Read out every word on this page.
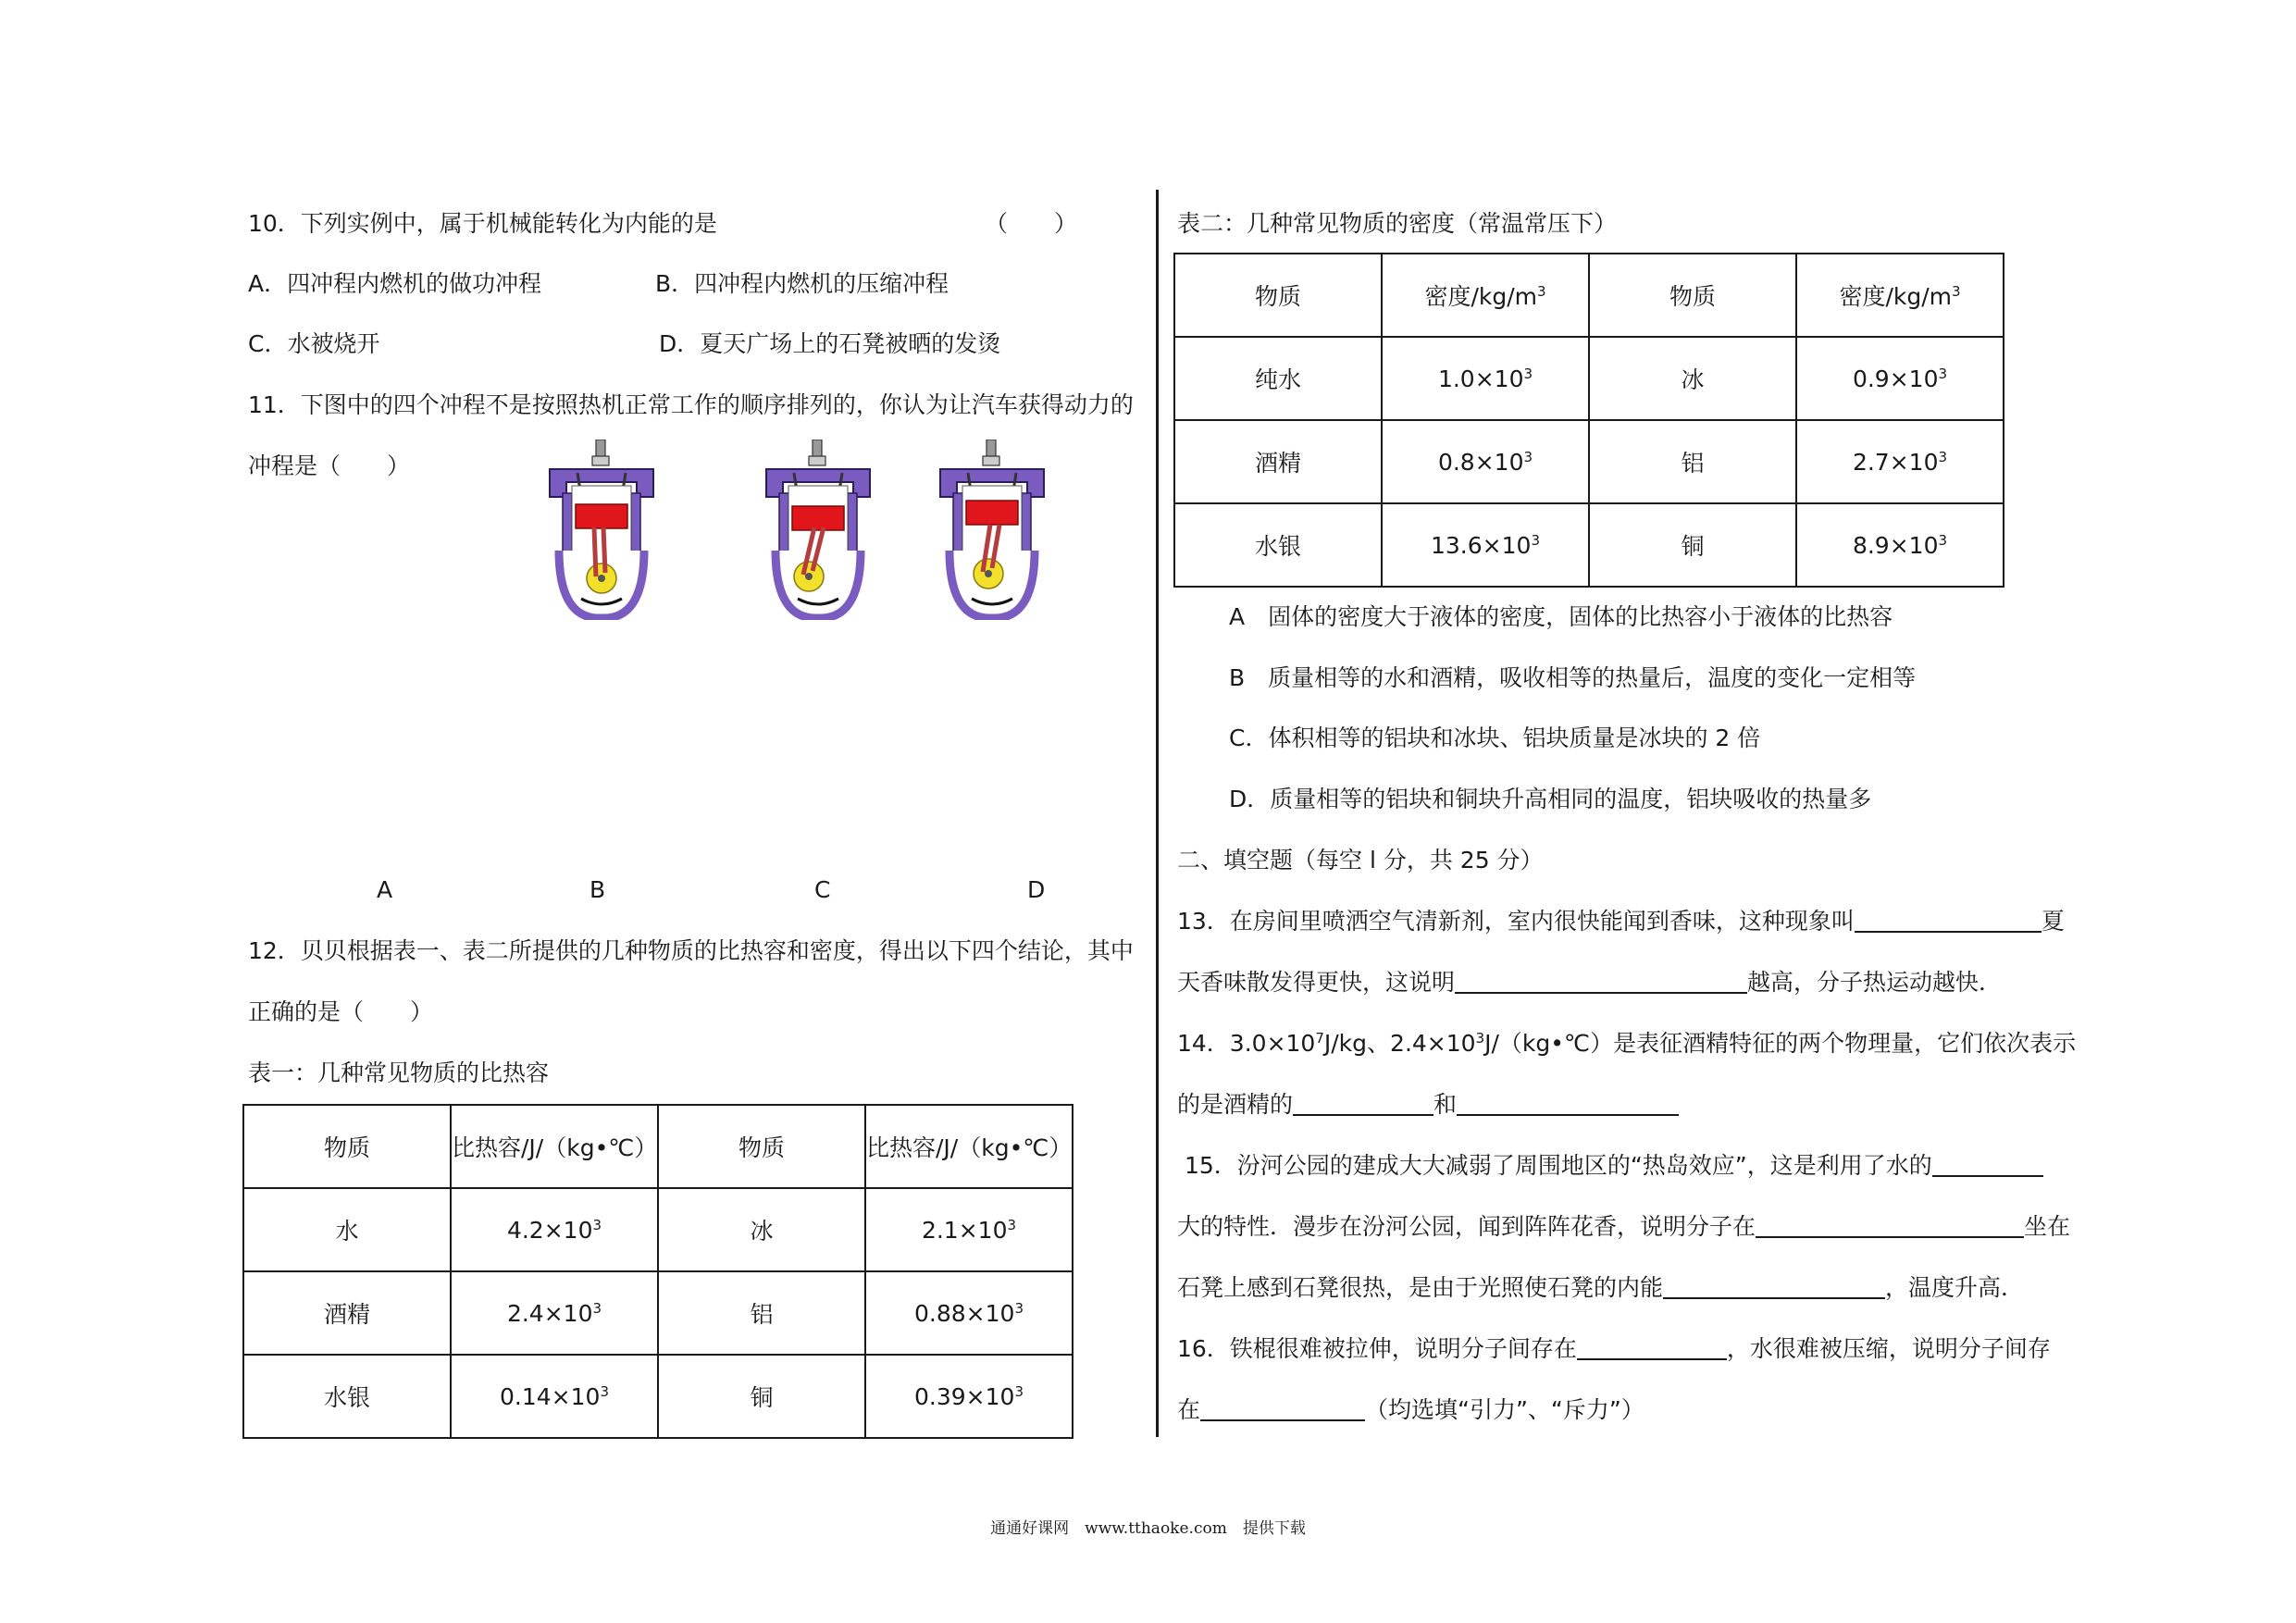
10．下列实例中，属于机械能转化为内能的是	（　　）
A．四冲程内燃机的做功冲程	B．四冲程内燃机的压缩冲程
C．水被烧开	D．夏天广场上的石凳被晒的发烫
11．下图中的四个冲程不是按照热机正常工作的顺序排列的，你认为让汽车获得动力的
冲程是（　　）
A	B	C	D
12．贝贝根据表一、表二所提供的几种物质的比热容和密度，得出以下四个结论，其中
正确的是（　　）
表一：几种常见物质的比热容
物质	比热容/J/（kg•℃）	物质	比热容/J/（kg•℃）
水	$4.2\times 10^3$	冰	$2.1\times 10^3$
酒精	$2.4\times 10^3$	铝	$0.88\times 10^3$
水银	$0.14\times 10^3$	铜	$0.39\times 10^3$
表二：几种常见物质的密度（常温常压下）
物质	密度$/kg/m^3$	物质	密度$/kg/m^3$
纯水	$1.0\times 10^3$	冰	$0.9\times 10^3$
酒精	$0.8\times 10^3$	铝	$2.7\times 10^3$
水银	$13.6\times 10^3$	铜	$8.9\times 10^3$
A　固体的密度大于液体的密度，固体的比热容小于液体的比热容
B　质量相等的水和酒精，吸收相等的热量后，温度的变化一定相等
C．体积相等的铝块和冰块、铝块质量是冰块的 2 倍
D．质量相等的铝块和铜块升高相同的温度，铝块吸收的热量多
二、填空题（每空 l 分，共 25 分）
13．在房间里喷洒空气清新剂，室内很快能闻到香味，这种现象叫	夏
天香味散发得更快，这说明	越高，分子热运动越快．
14．$3.0\times 10^7J/kg$、$2.4\times 10^3J/(kg•℃)$是表征酒精特征的两个物理量，它们依次表示
的是酒精的	和
15．汾河公园的建成大大减弱了周围地区的“热岛效应”，这是利用了水的
大的特性．漫步在汾河公园，闻到阵阵花香，说明分子在	坐在
石凳上感到石凳很热，是由于光照使石凳的内能	，温度升高．
16．铁棍很难被拉伸，说明分子间存在	，水很难被压缩，说明分子间存
在	（均选填“引力”、“斥力”）
通通好课网　www.tthaoke.com　提供下载
